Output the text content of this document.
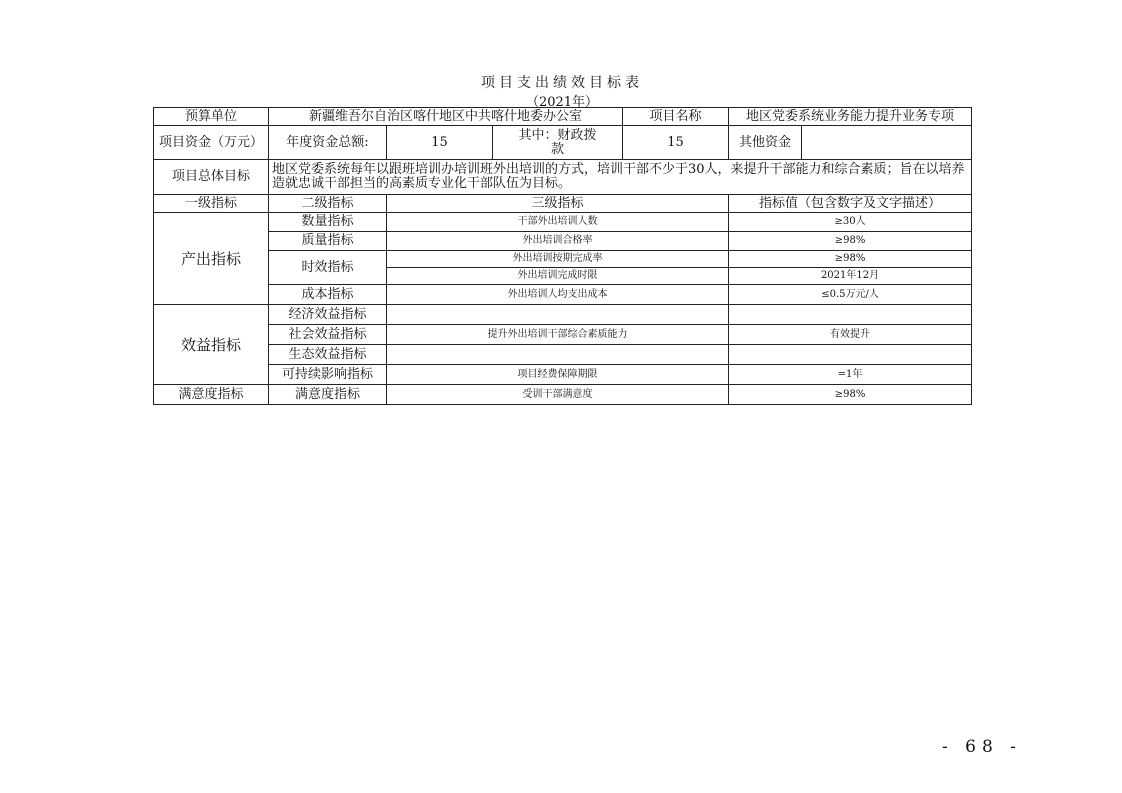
项目支出绩效目标表
（2021年）
预算单位	新疆维吾尔自治区喀什地区中共喀什地委办公室			项目名称	地区党委系统业务能力提升业务专项	
项目资金（万元）	年度资金总额:	15	其中：财政拨款	15	其他资金	
项目总体目标	地区党委系统每年以跟班培训办培训班外出培训的方式，培训干部不少于30人，来提升干部能力和综合素质；旨在以培养造就忠诚干部担当的高素质专业化干部队伍为目标。					
一级指标	二级指标	三级指标			指标值（包含数字及文字描述）	
产出指标	数量指标	干部外出培训人数			≥30人	
	质量指标	外出培训合格率			≥98%	
	时效指标	外出培训按期完成率			≥98%	
		外出培训完成时限			2021年12月	
	成本指标	外出培训人均支出成本			≤0.5万元/人	
效益指标	经济效益指标					
	社会效益指标	提升外出培训干部综合素质能力			有效提升	
	生态效益指标					
	可持续影响指标	项目经费保障期限			=1年	
满意度指标	满意度指标	受训干部满意度			≥98%	
- 68 -
